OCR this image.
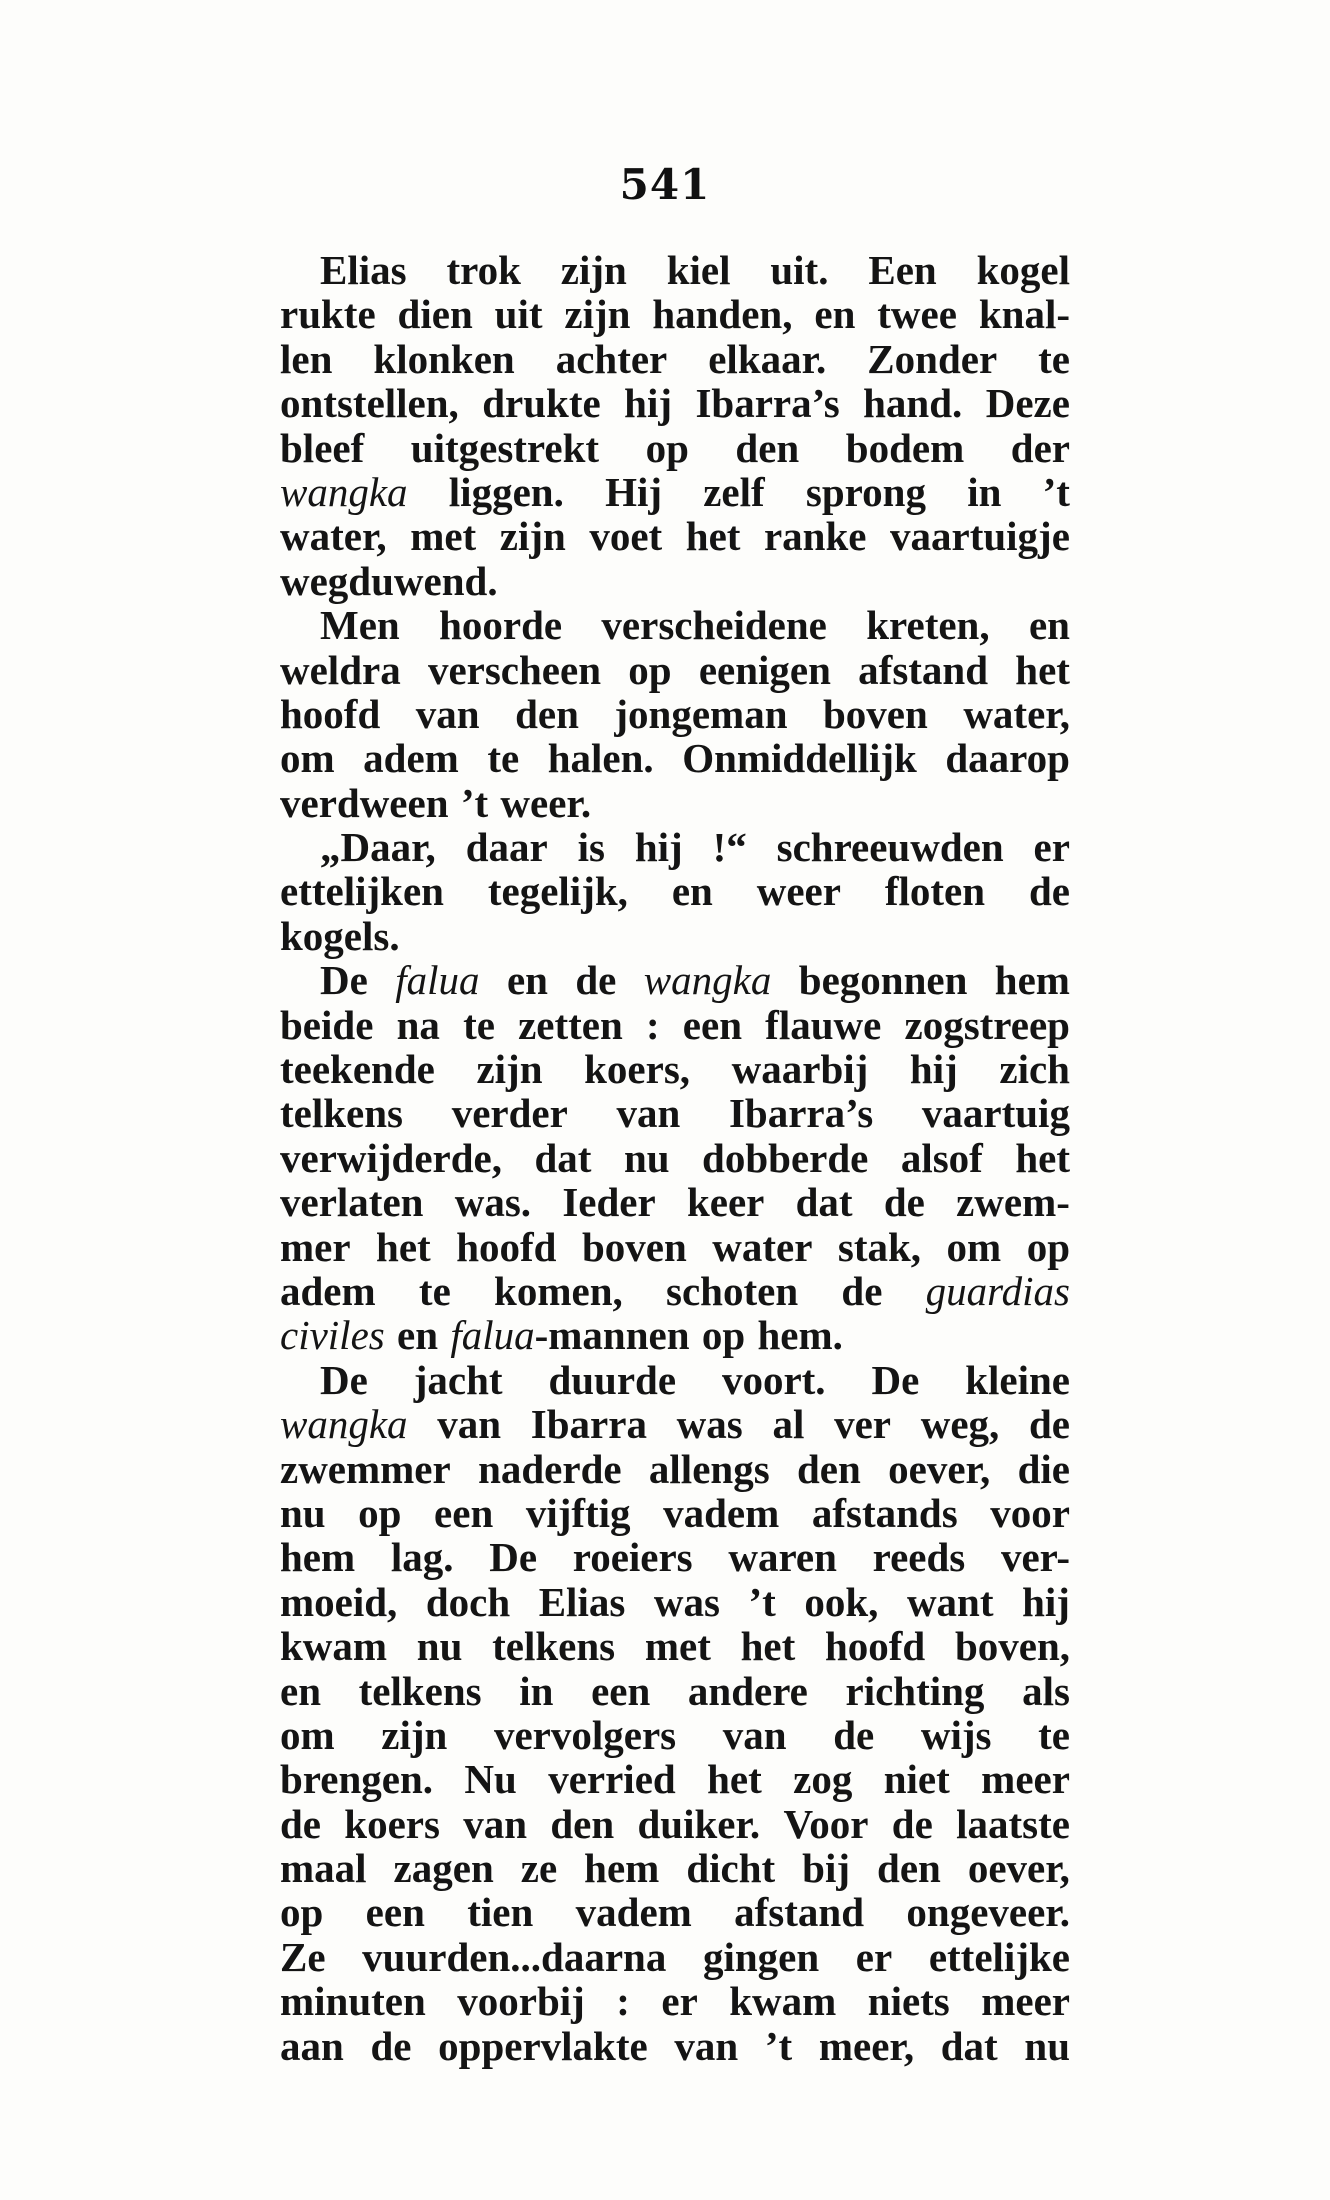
541
Elias trok zijn kiel uit. Een kogel
rukte dien uit zijn handen, en twee knal-
len klonken achter elkaar. Zonder te
ontstellen, drukte hij Ibarra’s hand. Deze
bleef uitgestrekt op den bodem der
wangka liggen. Hij zelf sprong in ’t
water, met zijn voet het ranke vaartuigje
wegduwend.
Men hoorde verscheidene kreten, en
weldra verscheen op eenigen afstand het
hoofd van den jongeman boven water,
om adem te halen. Onmiddellijk daarop
verdween ’t weer.
„Daar, daar is hij !“ schreeuwden er
ettelijken tegelijk, en weer floten de
kogels.
De falua en de wangka begonnen hem
beide na te zetten : een flauwe zogstreep
teekende zijn koers, waarbij hij zich
telkens verder van Ibarra’s vaartuig
verwijderde, dat nu dobberde alsof het
verlaten was. Ieder keer dat de zwem-
mer het hoofd boven water stak, om op
adem te komen, schoten de guardias
civiles en falua-mannen op hem.
De jacht duurde voort. De kleine
wangka van Ibarra was al ver weg, de
zwemmer naderde allengs den oever, die
nu op een vijftig vadem afstands voor
hem lag. De roeiers waren reeds ver-
moeid, doch Elias was ’t ook, want hij
kwam nu telkens met het hoofd boven,
en telkens in een andere richting als
om zijn vervolgers van de wijs te
brengen. Nu verried het zog niet meer
de koers van den duiker. Voor de laatste
maal zagen ze hem dicht bij den oever,
op een tien vadem afstand ongeveer.
Ze vuurden...daarna gingen er ettelijke
minuten voorbij : er kwam niets meer
aan de oppervlakte van ’t meer, dat nu
